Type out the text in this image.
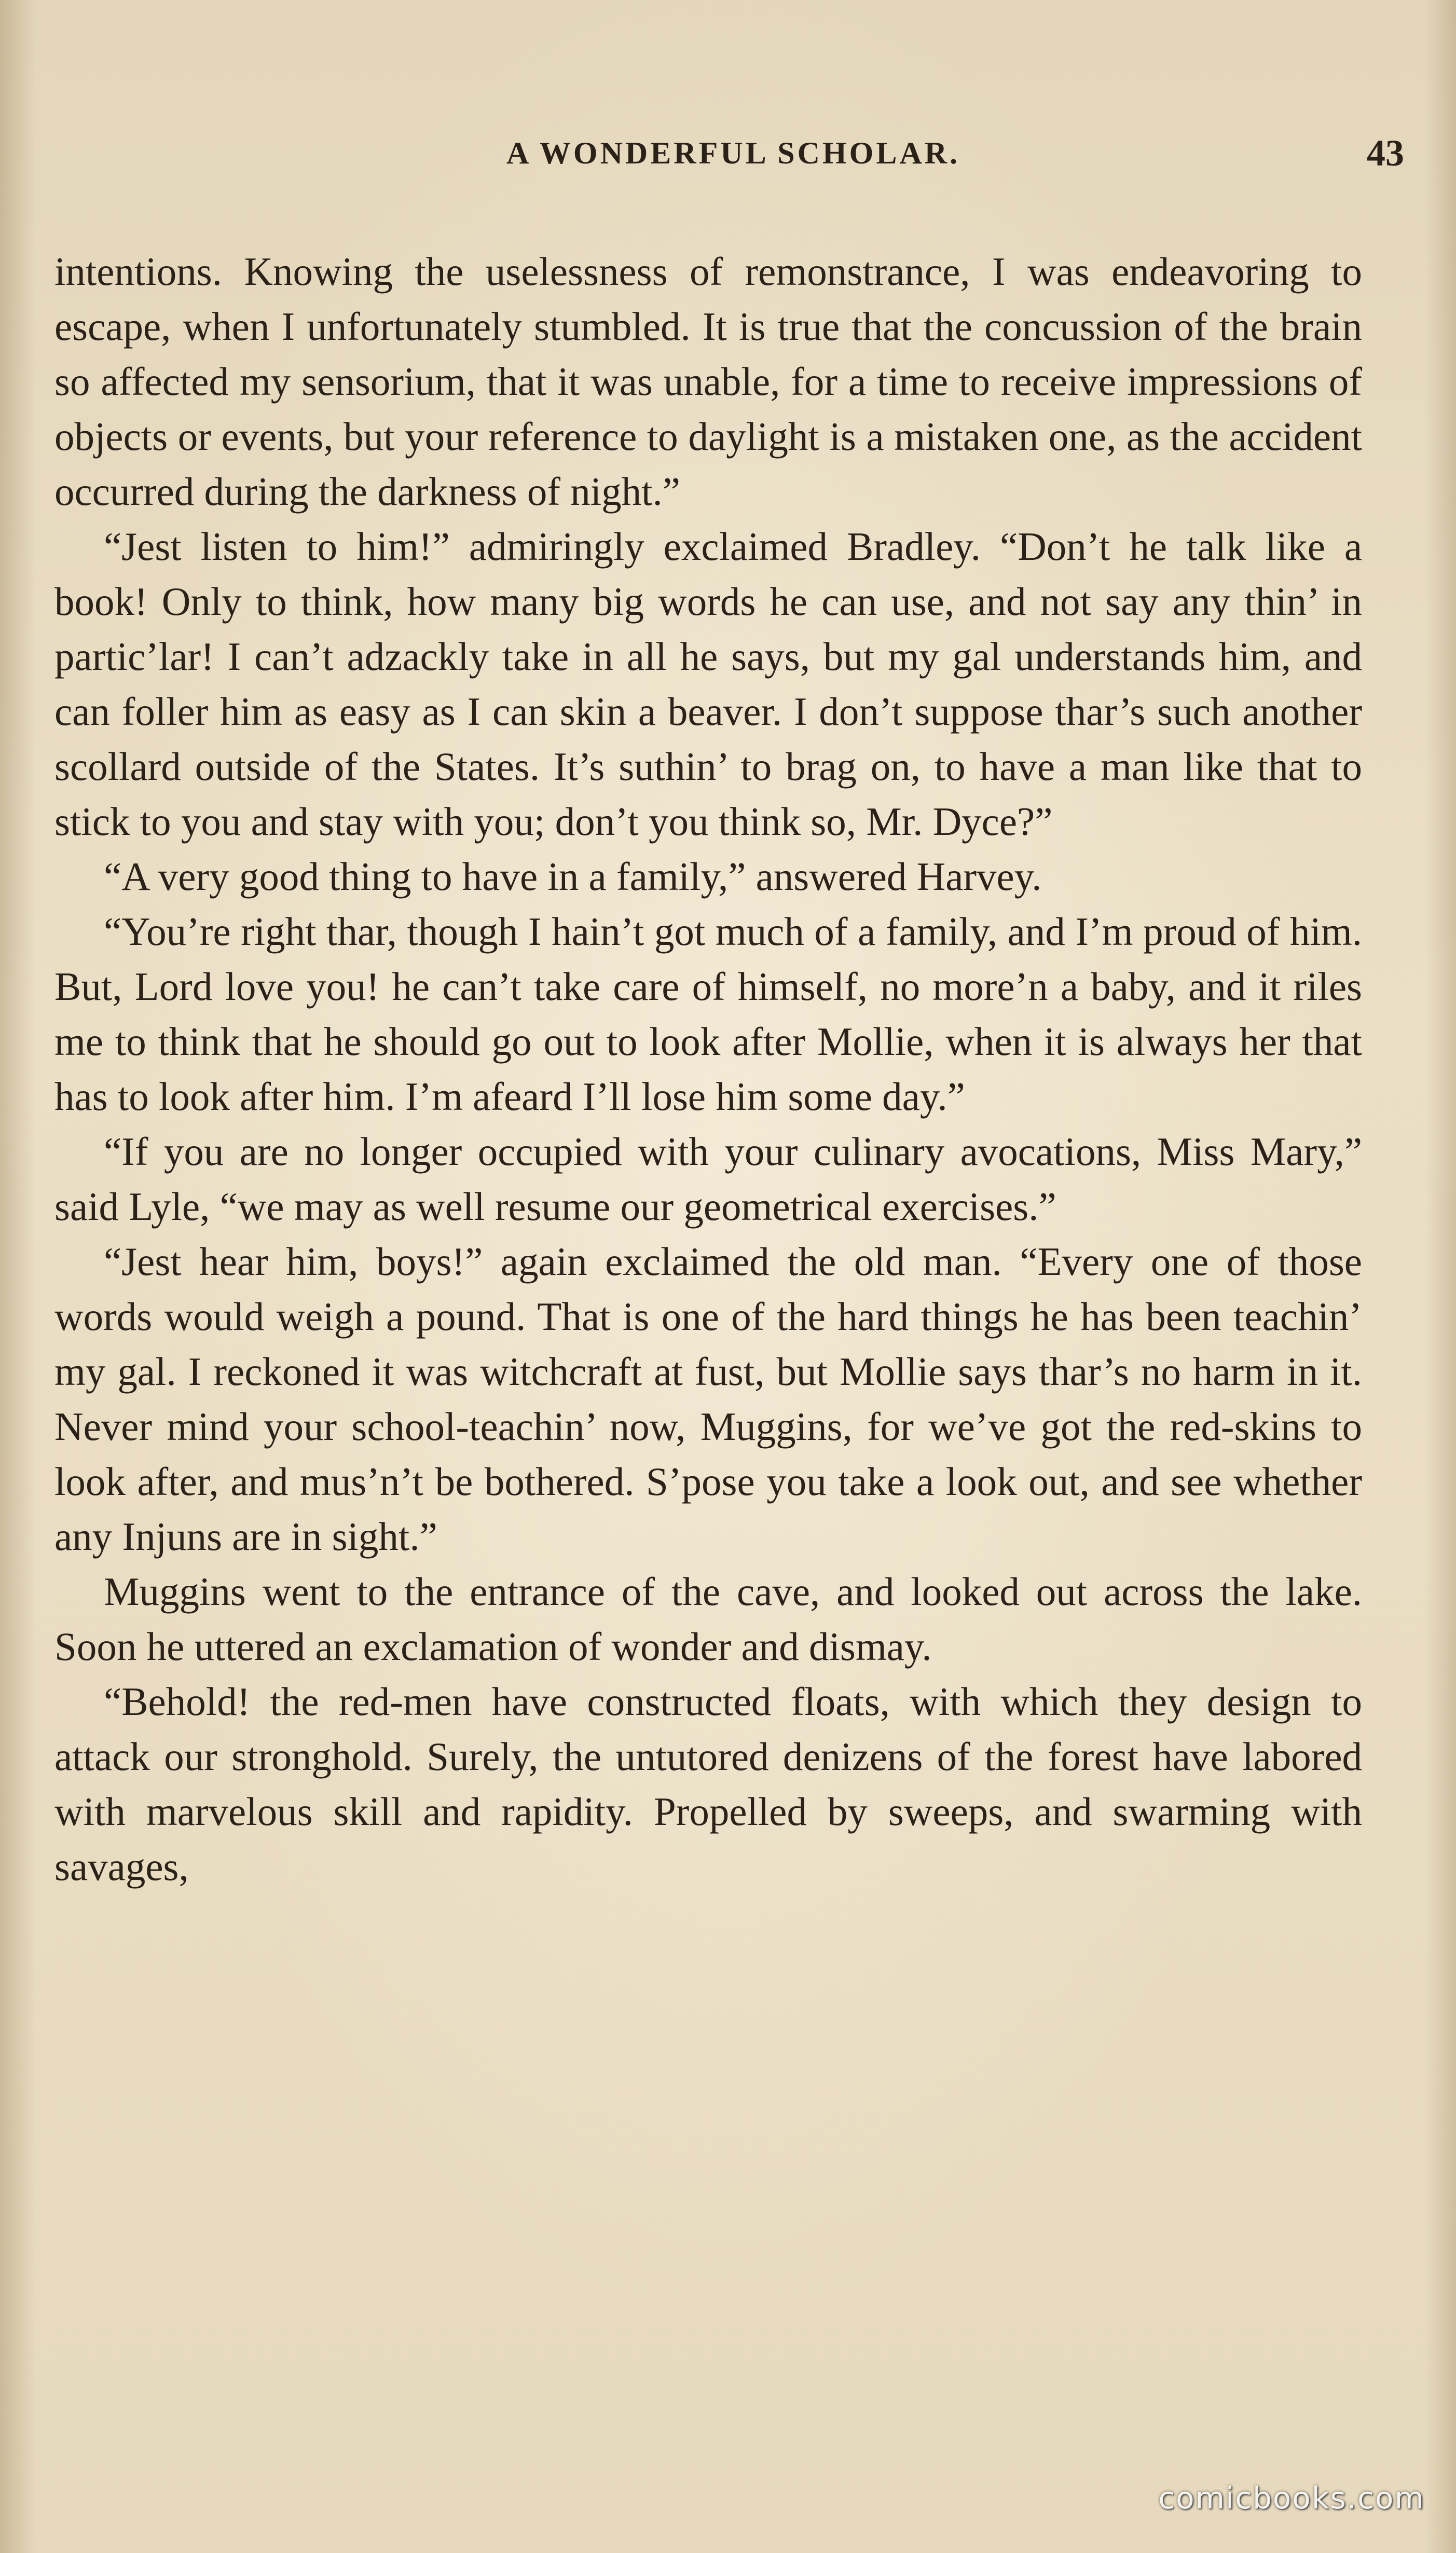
A WONDERFUL SCHOLAR.	43

intentions. Knowing the uselessness of remonstrance, I was endeavoring to escape, when I unfortunately stumbled. It is true that the concussion of the brain so affected my sensorium, that it was unable, for a time to receive impressions of objects or events, but your reference to daylight is a mistaken one, as the accident occurred during the darkness of night.”

“Jest listen to him!” admiringly exclaimed Bradley. “Don’t he talk like a book! Only to think, how many big words he can use, and not say any thin’ in partic’lar! I can’t adzackly take in all he says, but my gal understands him, and can foller him as easy as I can skin a beaver. I don’t suppose thar’s such another scollard outside of the States. It’s suthin’ to brag on, to have a man like that to stick to you and stay with you; don’t you think so, Mr. Dyce?”

“A very good thing to have in a family,” answered Harvey.

“You’re right thar, though I hain’t got much of a family, and I’m proud of him. But, Lord love you! he can’t take care of himself, no more’n a baby, and it riles me to think that he should go out to look after Mollie, when it is always her that has to look after him. I’m afeard I’ll lose him some day.”

“If you are no longer occupied with your culinary avocations, Miss Mary,” said Lyle, “we may as well resume our geometrical exercises.”

“Jest hear him, boys!” again exclaimed the old man. “Every one of those words would weigh a pound. That is one of the hard things he has been teachin’ my gal. I reckoned it was witchcraft at fust, but Mollie says thar’s no harm in it. Never mind your school-teachin’ now, Muggins, for we’ve got the red-skins to look after, and mus’n’t be bothered. S’pose you take a look out, and see whether any Injuns are in sight.”

Muggins went to the entrance of the cave, and looked out across the lake. Soon he uttered an exclamation of wonder and dismay.

“Behold! the red-men have constructed floats, with which they design to attack our stronghold. Surely, the untutored denizens of the forest have labored with marvelous skill and rapidity. Propelled by sweeps, and swarming with savages,

comicbooks.com
